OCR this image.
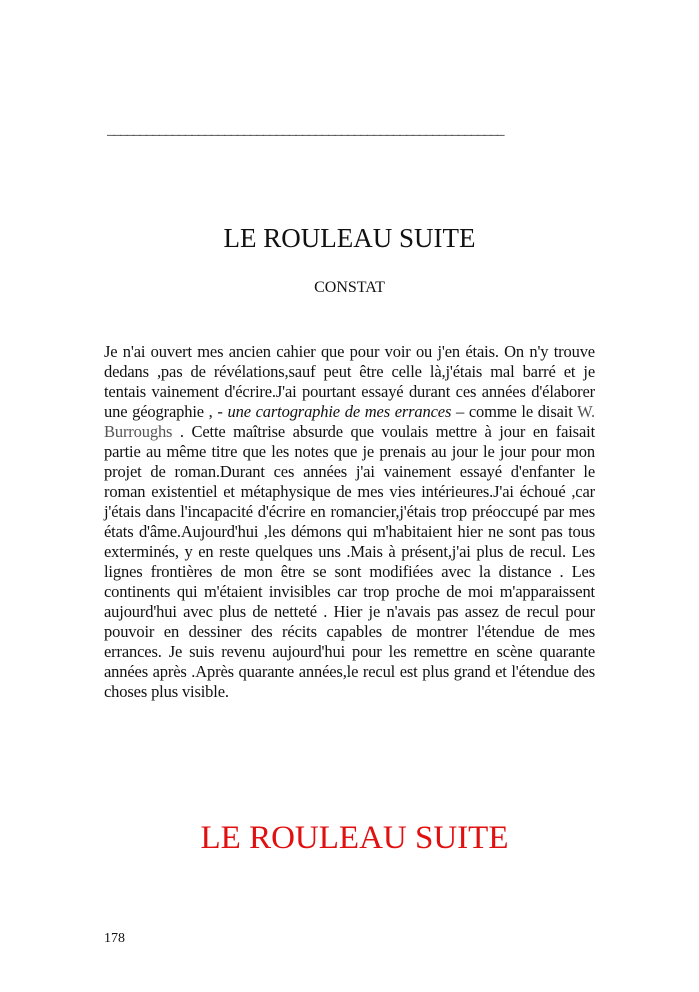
_____________________________________________________________
LE ROULEAU SUITE
CONSTAT
Je n'ai ouvert mes ancien cahier que pour voir ou j'en étais. On n'y trouve dedans ,pas de révélations,sauf peut être celle là,j'étais mal barré et je tentais vainement d'écrire.J'ai pourtant essayé durant ces années d'élaborer une géographie , - une cartographie de mes errances – comme le disait W. Burroughs . Cette maîtrise absurde que voulais mettre à jour en faisait partie au même titre que les notes que je prenais au jour le jour pour mon projet de roman.Durant ces années j'ai vainement essayé d'enfanter le roman existentiel et métaphysique de mes vies intérieures.J'ai échoué ,car j'étais dans l'incapacité d'écrire en romancier,j'étais trop préoccupé par mes états d'âme.Aujourd'hui ,les démons qui m'habitaient hier ne sont pas tous exterminés, y en reste quelques uns .Mais à présent,j'ai plus de recul. Les lignes frontières de mon être se sont modifiées avec la distance . Les continents qui m'étaient invisibles car trop proche de moi m'apparaissent aujourd'hui avec plus de netteté . Hier je n'avais pas assez de recul pour pouvoir en dessiner des récits capables de montrer l'étendue de mes errances. Je suis revenu aujourd'hui pour les remettre en scène quarante années après .Après quarante années,le recul est plus grand et l'étendue des choses plus visible.
LE ROULEAU SUITE
178
